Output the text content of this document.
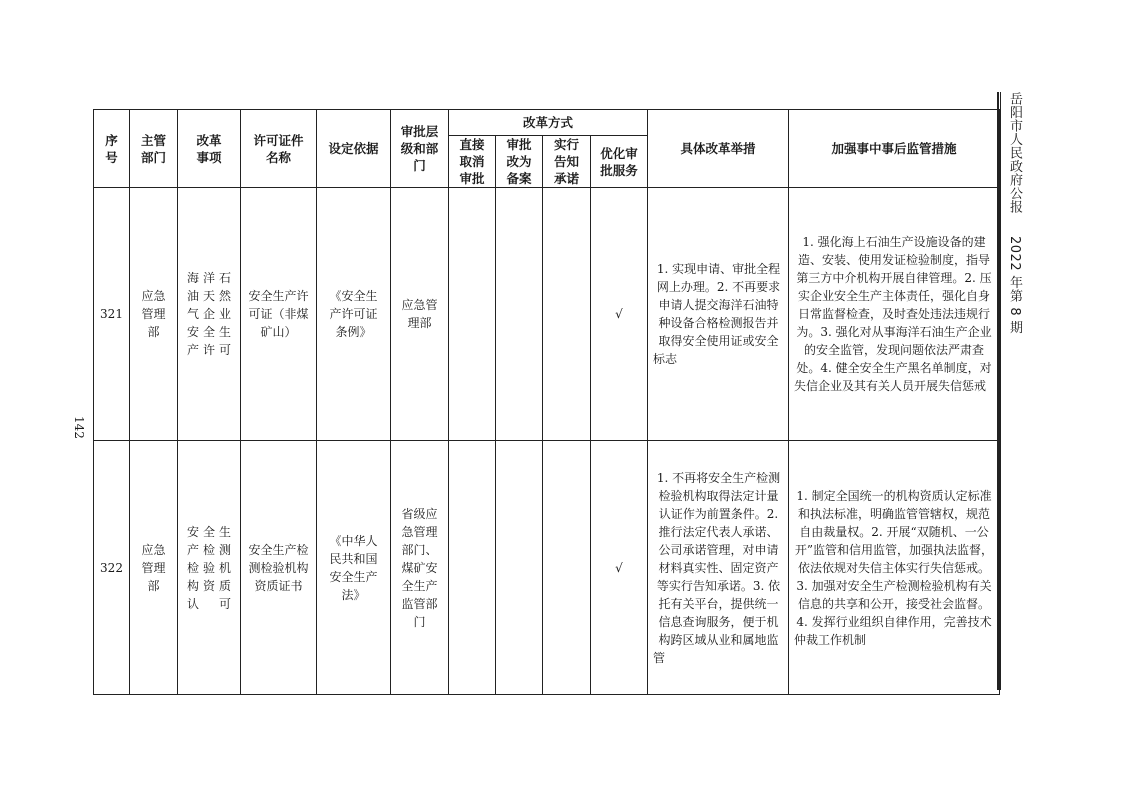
142
岳阳市人民政府公报 2022 年第 8 期
序号	主管部门	改革事项	许可证件名称	设定依据	审批层级和部门	改革方式				具体改革举措	加强事中事后监管措施
						直接取消审批	审批改为备案	实行告知承诺	优化审批服务		
321	应急管理部	海洋石油天然气企业安全生产许可	安全生产许可证（非煤矿山）	《安全生产许可证条例》	应急管理部				√	1. 实现申请、审批全程网上办理。2. 不再要求申请人提交海洋石油特种设备合格检测报告并取得安全使用证或安全标志	1. 强化海上石油生产设施设备的建造、安装、使用发证检验制度，指导第三方中介机构开展自律管理。2. 压实企业安全生产主体责任，强化自身日常监督检查，及时查处违法违规行为。3. 强化对从事海洋石油生产企业的安全监管，发现问题依法严肃查处。4. 健全安全生产黑名单制度，对失信企业及其有关人员开展失信惩戒
322	应急管理部	安全生产检测检验机构资质认可	安全生产检测检验机构资质证书	《中华人民共和国安全生产法》	省级应急管理部门、煤矿安全生产监管部门				√	1. 不再将安全生产检测检验机构取得法定计量认证作为前置条件。2. 推行法定代表人承诺、公司承诺管理，对申请材料真实性、固定资产等实行告知承诺。3. 依托有关平台，提供统一信息查询服务，便于机构跨区域从业和属地监管	1. 制定全国统一的机构资质认定标准和执法标准，明确监管管辖权，规范自由裁量权。2. 开展“双随机、一公开”监管和信用监管，加强执法监督，依法依规对失信主体实行失信惩戒。3. 加强对安全生产检测检验机构有关信息的共享和公开，接受社会监督。4. 发挥行业组织自律作用，完善技术仲裁工作机制
